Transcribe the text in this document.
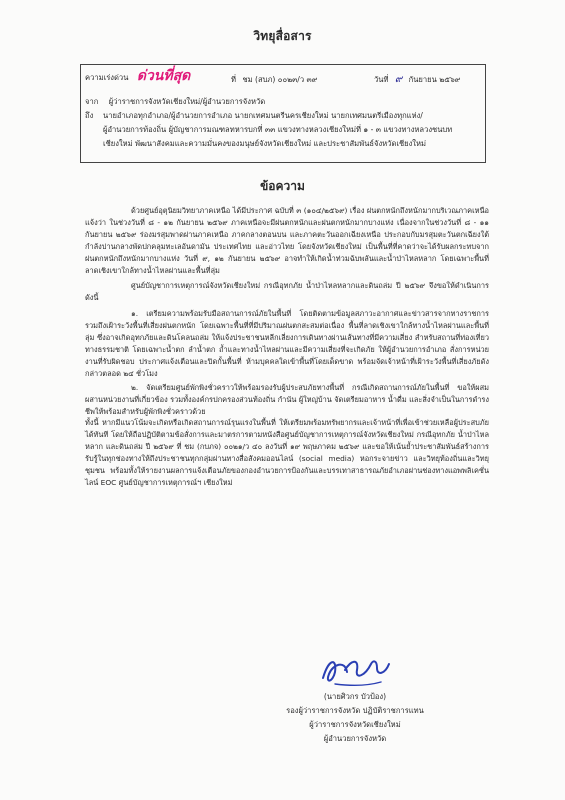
วิทยุสื่อสาร
ความเร่งด่วน ด่วนที่สุด	ที่ ชม (สบภ) ๐๐๒๓/ว ๓๙	วันที่ ๙ กันยายน ๒๕๖๙
จาก ผู้ว่าราชการจังหวัดเชียงใหม่/ผู้อำนวยการจังหวัด
ถึง นายอำเภอทุกอำเภอ/ผู้อำนวยการอำเภอ นายกเทศมนตรีนครเชียงใหม่ นายกเทศมนตรีเมืองทุกแห่ง/
ผู้อำนวยการท้องถิ่น ผู้บัญชาการมณฑลทหารบกที่ ๓๓ แขวงทางหลวงเชียงใหม่ที่ ๑ - ๓ แขวงทางหลวงชนบท
เชียงใหม่ พัฒนาสังคมและความมั่นคงของมนุษย์จังหวัดเชียงใหม่ และประชาสัมพันธ์จังหวัดเชียงใหม่
ข้อความ

ด้วยศูนย์อุตุนิยมวิทยาภาคเหนือ ได้มีประกาศ ฉบับที่ ๓ (๑๐๔/๒๕๖๙) เรื่อง ฝนตกหนักถึงหนักมากบริเวณภาคเหนือ แจ้งว่า ในช่วงวันที่ ๘ - ๑๒ กันยายน ๒๕๖๙ ภาคเหนือจะมีฝนตกหนักและฝนตกหนักมากบางแห่ง เนื่องจากในช่วงวันที่ ๘ - ๑๑ กันยายน ๒๕๖๙ ร่องมรสุมพาดผ่านภาคเหนือ ภาคกลางตอนบน และภาคตะวันออกเฉียงเหนือ ประกอบกับมรสุมตะวันตกเฉียงใต้กำลังปานกลางพัดปกคลุมทะเลอันดามัน ประเทศไทย และอ่าวไทย โดยจังหวัดเชียงใหม่ เป็นพื้นที่ที่คาดว่าจะได้รับผลกระทบจากฝนตกหนักถึงหนักมากบางแห่ง วันที่ ๙, ๑๒ กันยายน ๒๕๖๙ อาจทำให้เกิดน้ำท่วมฉับพลันและน้ำป่าไหลหลาก โดยเฉพาะพื้นที่ลาดเชิงเขาใกล้ทางน้ำไหลผ่านและพื้นที่ลุ่ม

ศูนย์บัญชาการเหตุการณ์จังหวัดเชียงใหม่ กรณีอุทกภัย น้ำป่าไหลหลากและดินถล่ม ปี ๒๕๖๙ จึงขอให้ดำเนินการ ดังนี้

๑. เตรียมความพร้อมรับมือสถานการณ์ภัยในพื้นที่ โดยติดตามข้อมูลสภาวะอากาศและข่าวสารจากทางราชการ รวมถึงเฝ้าระวังพื้นที่เสี่ยงฝนตกหนัก โดยเฉพาะพื้นที่ที่มีปริมาณฝนตกสะสมต่อเนื่อง พื้นที่ลาดเชิงเขาใกล้ทางน้ำไหลผ่านและพื้นที่ลุ่ม ซึ่งอาจเกิดอุทกภัยและดินโคลนถล่ม ให้แจ้งประชาชนหลีกเลี่ยงการเดินทางผ่านเส้นทางที่มีความเสี่ยง สำหรับสถานที่ท่องเที่ยวทางธรรมชาติ โดยเฉพาะน้ำตก ลำน้ำตก ถ้ำและทางน้ำไหลผ่านและมีความเสี่ยงที่จะเกิดภัย ให้ผู้อำนวยการอำเภอ สั่งการหน่วยงานที่รับผิดชอบ ประกาศแจ้งเตือนและปิดกั้นพื้นที่ ห้ามบุคคลใดเข้าพื้นที่โดยเด็ดขาด พร้อมจัดเจ้าหน้าที่เฝ้าระวังพื้นที่เสี่ยงภัยดังกล่าวตลอด ๒๔ ชั่วโมง

๒. จัดเตรียมศูนย์พักพิงชั่วคราวให้พร้อมรองรับผู้ประสบภัยทางพื้นที่ กรณีเกิดสถานการณ์ภัยในพื้นที่ ขอให้ผสมผสานหน่วยงานที่เกี่ยวข้อง รวมทั้งองค์กรปกครองส่วนท้องถิ่น กำนัน ผู้ใหญ่บ้าน จัดเตรียมอาหาร น้ำดื่ม และสิ่งจำเป็นในการดำรงชีพให้พร้อมสำหรับผู้พักพิงชั่วคราวด้วย

ทั้งนี้ หากมีแนวโน้มจะเกิดหรือเกิดสถานการณ์รุนแรงในพื้นที่ ให้เตรียมพร้อมทรัพยากรและเจ้าหน้าที่เพื่อเข้าช่วยเหลือผู้ประสบภัยได้ทันที โดยให้ถือปฏิบัติตามข้อสั่งการและมาตรการตามหนังสือศูนย์บัญชาการเหตุการณ์จังหวัดเชียงใหม่ กรณีอุทกภัย น้ำป่าไหลหลาก และดินถล่ม ปี ๒๕๖๙ ที่ ชม (กบภจ) ๐๐๒๑/ว ๔๐ ลงวันที่ ๑๙ พฤษภาคม ๒๕๖๙ และขอให้เน้นย้ำประชาสัมพันธ์สร้างการรับรู้ในทุกช่องทางให้ถึงประชาชนทุกกลุ่มผ่านทางสื่อสังคมออนไลน์ (social media) หอกระจายข่าว และวิทยุท้องถิ่นและวิทยุชุมชน พร้อมทั้งให้รายงานผลการแจ้งเตือนภัยของกองอำนวยการป้องกันและบรรเทาสาธารณภัยอำเภอผ่านช่องทางแอพพลิเคชั่นไลน์ EOC ศูนย์บัญชาการเหตุการณ์ฯ เชียงใหม่

(นายศิวกร บัวป้อง)
รองผู้ว่าราชการจังหวัด ปฏิบัติราชการแทน
ผู้ว่าราชการจังหวัดเชียงใหม่
ผู้อำนวยการจังหวัด
